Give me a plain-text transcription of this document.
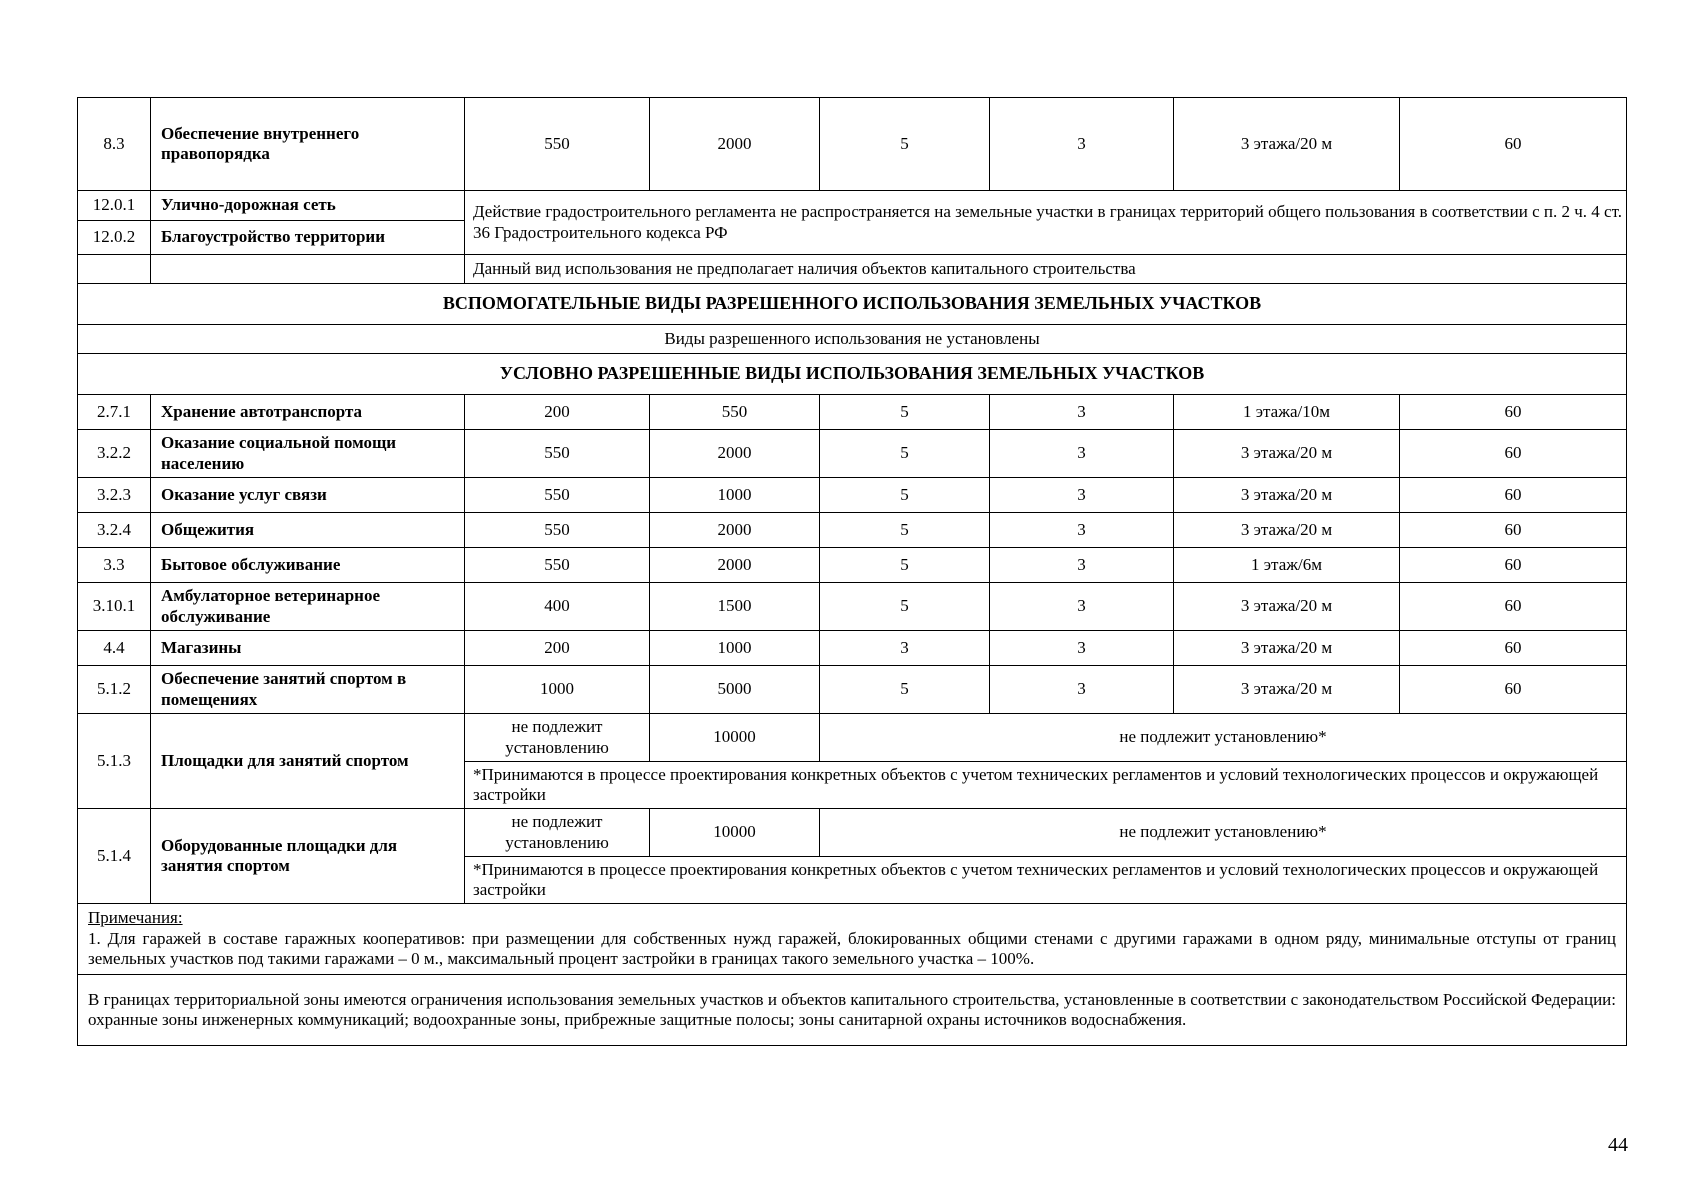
8.3	Обеспечение внутреннего правопорядка	550	2000	5	3	3 этажа/20 м	60
12.0.1	Улично-дорожная сеть	Действие градостроительного регламента не распространяется на земельные участки в границах территорий общего пользования в соответствии с п. 2 ч. 4 ст. 36 Градостроительного кодекса РФ					
12.0.2	Благоустройство территории						
		Данный вид использования не предполагает наличия объектов капитального строительства					
ВСПОМОГАТЕЛЬНЫЕ ВИДЫ РАЗРЕШЕННОГО ИСПОЛЬЗОВАНИЯ ЗЕМЕЛЬНЫХ УЧАСТКОВ							
Виды разрешенного использования не установлены							
УСЛОВНО РАЗРЕШЕННЫЕ ВИДЫ ИСПОЛЬЗОВАНИЯ ЗЕМЕЛЬНЫХ УЧАСТКОВ							
2.7.1	Хранение автотранспорта	200	550	5	3	1 этажа/10м	60
3.2.2	Оказание социальной помощи населению	550	2000	5	3	3 этажа/20 м	60
3.2.3	Оказание услуг связи	550	1000	5	3	3 этажа/20 м	60
3.2.4	Общежития	550	2000	5	3	3 этажа/20 м	60
3.3	Бытовое обслуживание	550	2000	5	3	1 этаж/6м	60
3.10.1	Амбулаторное ветеринарное обслуживание	400	1500	5	3	3 этажа/20 м	60
4.4	Магазины	200	1000	3	3	3 этажа/20 м	60
5.1.2	Обеспечение занятий спортом в помещениях	1000	5000	5	3	3 этажа/20 м	60
5.1.3	Площадки для занятий спортом	не подлежит установлению	10000	не подлежит установлению*			
		*Принимаются в процессе проектирования конкретных объектов с учетом технических регламентов и условий технологических процессов и окружающей застройки					
5.1.4	Оборудованные площадки для занятия спортом	не подлежит установлению	10000	не подлежит установлению*			
		*Принимаются в процессе проектирования конкретных объектов с учетом технических регламентов и условий технологических процессов и окружающей застройки					

Примечания:
1. Для гаражей в составе гаражных кооперативов: при размещении для собственных нужд гаражей, блокированных общими стенами с другими гаражами в одном ряду, минимальные отступы от границ земельных участков под такими гаражами – 0 м., максимальный процент застройки в границах такого земельного участка – 100%.							

В границах территориальной зоны имеются ограничения использования земельных участков и объектов капитального строительства, установленные в соответствии с законодательством Российской Федерации: охранные зоны инженерных коммуникаций; водоохранные зоны, прибрежные защитные полосы; зоны санитарной охраны источников водоснабжения.							
44
